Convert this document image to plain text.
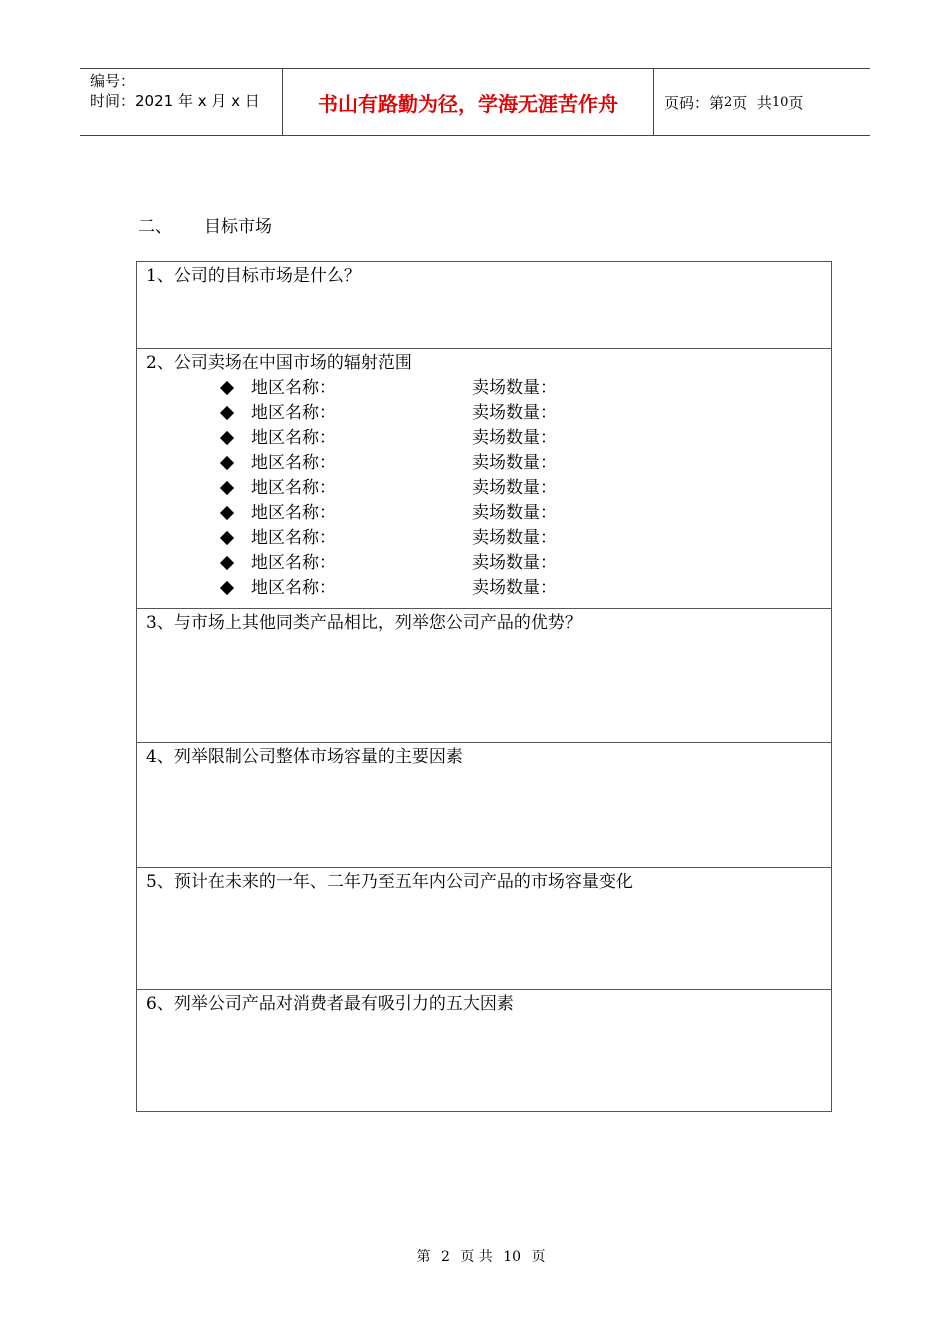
编号：
时间：2021 年 x 月 x 日	书山有路勤为径，学海无涯苦作舟	页码：第 2 页  共 10 页
二、 目标市场
1、公司的目标市场是什么？
2、公司卖场在中国市场的辐射范围
地区名称：	卖场数量：
地区名称：	卖场数量：
地区名称：	卖场数量：
地区名称：	卖场数量：
地区名称：	卖场数量：
地区名称：	卖场数量：
地区名称：	卖场数量：
地区名称：	卖场数量：
地区名称：	卖场数量：
3、与市场上其他同类产品相比，列举您公司产品的优势？
4、列举限制公司整体市场容量的主要因素
5、预计在未来的一年、二年乃至五年内公司产品的市场容量变化
6、列举公司产品对消费者最有吸引力的五大因素
第 2 页 共 10 页
